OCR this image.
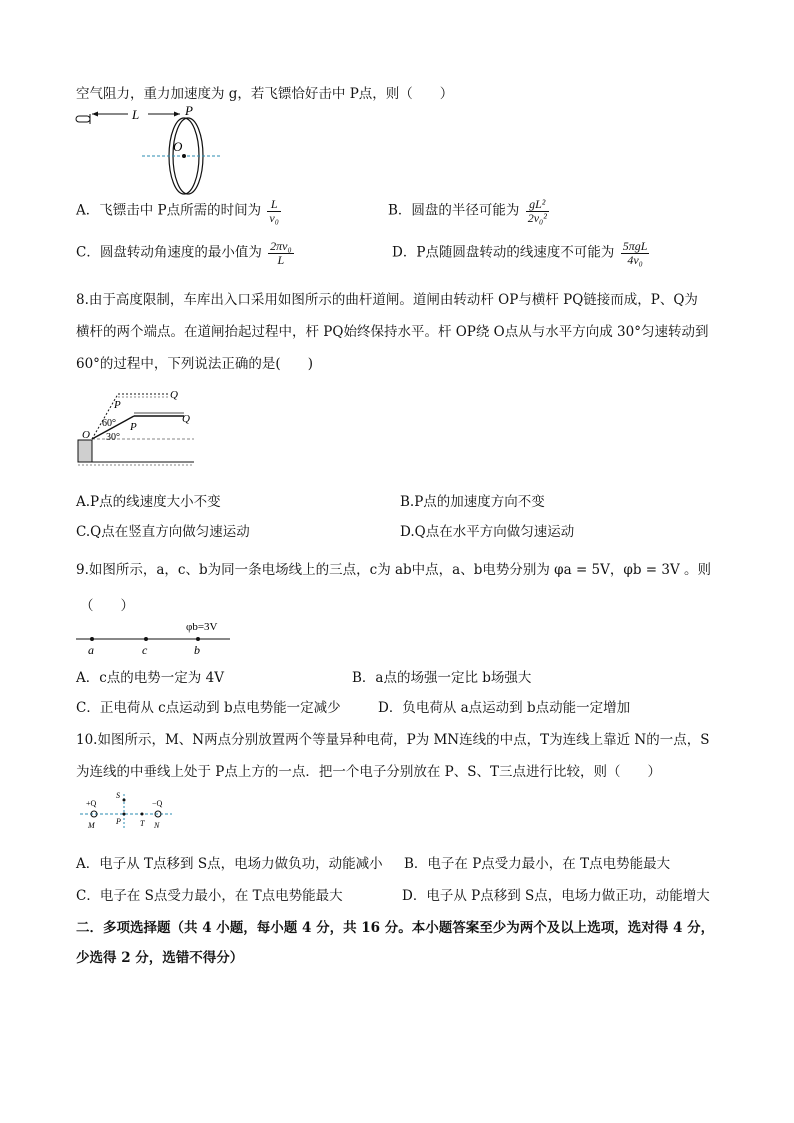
空气阻力，重力加速度为 g，若飞镖恰好击中 P点，则（　　）
L
O
P
A．飞镖击中 P点所需的时间为 $\frac{L}{\text{v₀}}$	B．圆盘的半径可能为 $\frac{\text{gL²}}{\text{2v₀²}}$
C．圆盘转动角速度的最小值为 $\frac{\text{2πv₀}}{L}$	D．P点随圆盘转动的线速度不可能为 $\frac{\text{5πgL}}{\text{4v₀}}$
8.由于高度限制，车库出入口采用如图所示的曲杆道闸。道闸由转动杆 OP与横杆 PQ链接而成，P、Q为
横杆的两个端点。在道闸抬起过程中，杆 PQ始终保持水平。杆 OP绕 O点从与水平方向成 30°匀速转动到
60°的过程中，下列说法正确的是(　　)
P
Q
P
Q
O
60°
30°
A.P点的线速度大小不变	B.P点的加速度方向不变
C.Q点在竖直方向做匀速运动	D.Q点在水平方向做匀速运动
9.如图所示，a，c、b为同一条电场线上的三点，c为 ab中点，a、b电势分别为 φa = 5V，φb = 3V 。则
（　　）
φb=3V
a	c	b
A．c点的电势一定为 4V	B．a点的场强一定比 b场强大
C．正电荷从 c点运动到 b点电势能一定减少	D．负电荷从 a点运动到 b点动能一定增加
10.如图所示，M、N两点分别放置两个等量异种电荷，P为 MN连线的中点，T为连线上靠近 N的一点，S
为连线的中垂线上处于 P点上方的一点．把一个电子分别放在 P、S、T三点进行比较，则（　　）
+Q	−Q
M	N
S
P T
A．电子从 T点移到 S点，电场力做负功，动能减小 B．电子在 P点受力最小，在 T点电势能最大
C．电子在 S点受力最小，在 T点电势能最大	D．电子从 P点移到 S点，电场力做正功，动能增大
二．多项选择题（共 4 小题，每小题 4 分，共 16 分。本小题答案至少为两个及以上选项，选对得 4 分，
少选得 2 分，选错不得分）
